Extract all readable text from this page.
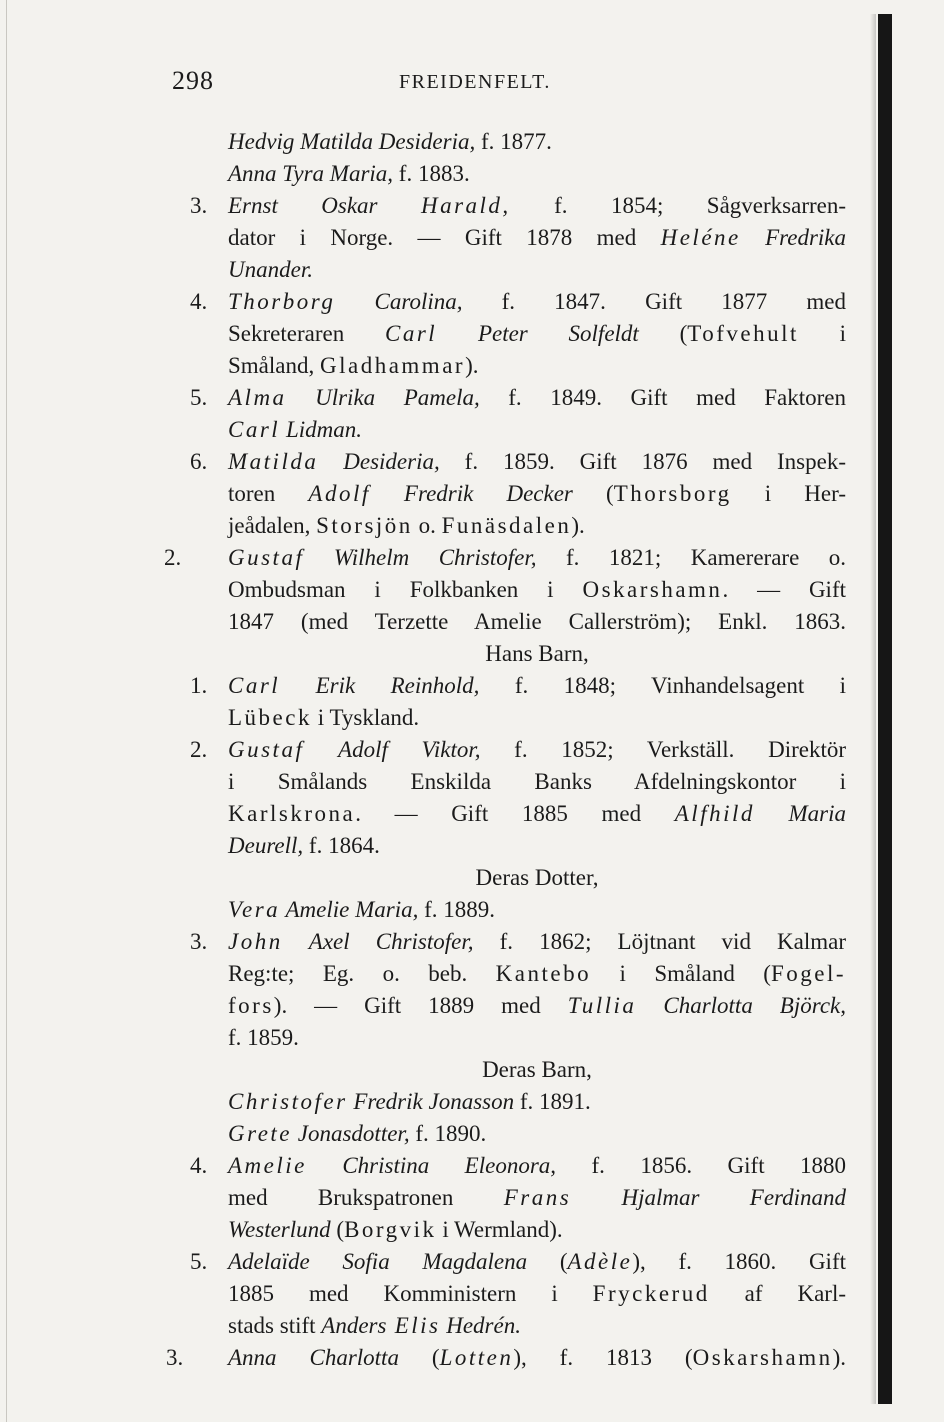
298	FREIDENFELT.
Hedvig Matilda Desideria, f. 1877.
Anna Tyra Maria, f. 1883.
3. Ernst Oskar Harald, f. 1854; Sågverksarren-
dator i Norge. — Gift 1878 med Heléne Fredrika
Unander.
4. Thorborg Carolina, f. 1847. Gift 1877 med
Sekreteraren Carl Peter Solfeldt (Tofvehult i
Småland, Gladhammar).
5. Alma Ulrika Pamela, f. 1849. Gift med Faktoren
Carl Lidman.
6. Matilda Desideria, f. 1859. Gift 1876 med Inspek-
toren Adolf Fredrik Decker (Thorsborg i Her-
jeådalen, Storsjön o. Funäsdalen).
2. Gustaf Wilhelm Christofer, f. 1821; Kamererare o.
Ombudsman i Folkbanken i Oskarshamn. — Gift
1847 (med Terzette Amelie Callerström); Enkl. 1863.
Hans Barn,
1. Carl Erik Reinhold, f. 1848; Vinhandelsagent i
Lübeck i Tyskland.
2. Gustaf Adolf Viktor, f. 1852; Verkställ. Direktör
i Smålands Enskilda Banks Afdelningskontor i
Karlskrona. — Gift 1885 med Alfhild Maria
Deurell, f. 1864.
Deras Dotter,
Vera Amelie Maria, f. 1889.
3. John Axel Christofer, f. 1862; Löjtnant vid Kalmar
Reg:te; Eg. o. beb. Kantebo i Småland (Fogel-
fors). — Gift 1889 med Tullia Charlotta Björck,
f. 1859.
Deras Barn,
Christofer Fredrik Jonasson f. 1891.
Grete Jonasdotter, f. 1890.
4. Amelie Christina Eleonora, f. 1856. Gift 1880
med Brukspatronen Frans Hjalmar Ferdinand
Westerlund (Borgvik i Wermland).
5. Adelaïde Sofia Magdalena (Adèle), f. 1860. Gift
1885 med Komministern i Fryckerud af Karl-
stads stift Anders Elis Hedrén.
3. Anna Charlotta (Lotten), f. 1813 (Oskarshamn).
